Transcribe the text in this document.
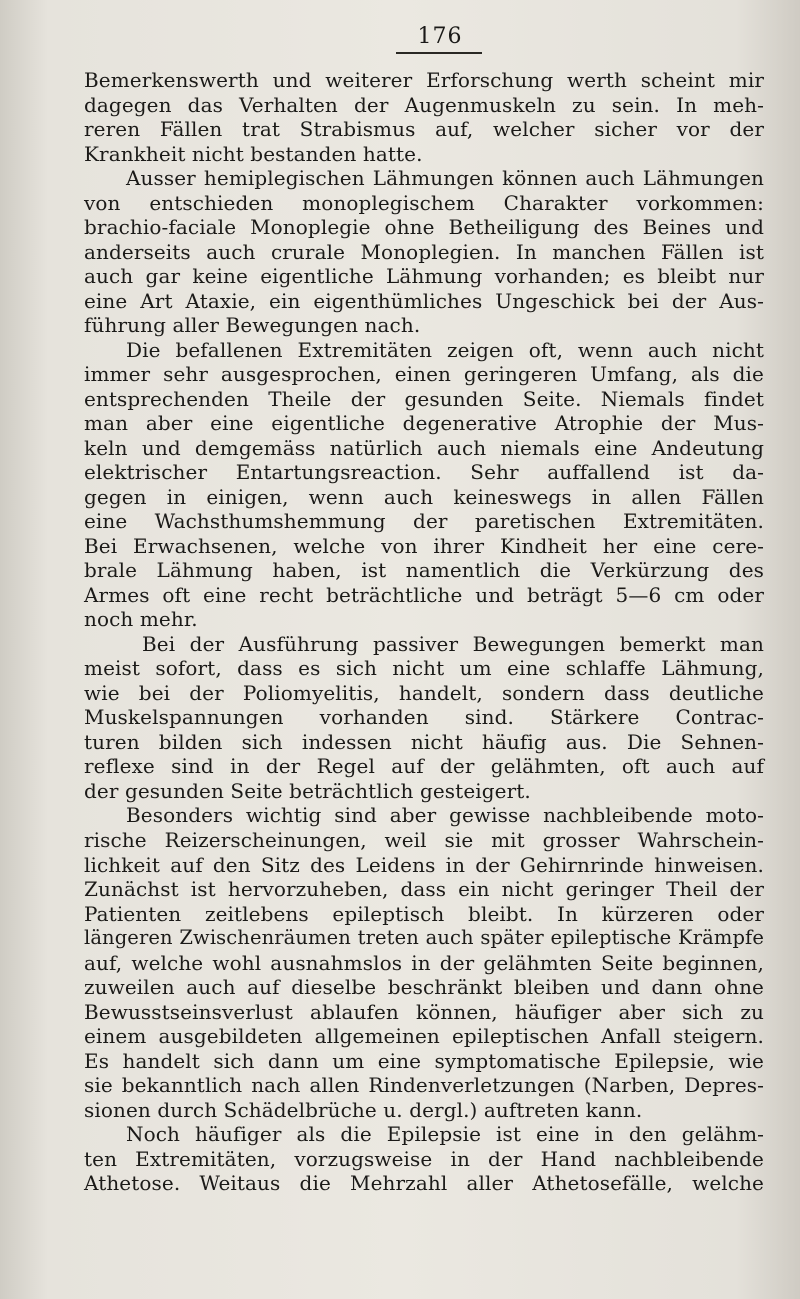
176
Bemerkenswerth und weiterer Erforschung werth scheint mir
dagegen das Verhalten der Augenmuskeln zu sein. In meh-
reren Fällen trat Strabismus auf, welcher sicher vor der
Krankheit nicht bestanden hatte.
Ausser hemiplegischen Lähmungen können auch Lähmungen
von entschieden monoplegischem Charakter vorkommen:
brachio-faciale Monoplegie ohne Betheiligung des Beines und
anderseits auch crurale Monoplegien. In manchen Fällen ist
auch gar keine eigentliche Lähmung vorhanden; es bleibt nur
eine Art Ataxie, ein eigenthümliches Ungeschick bei der Aus-
führung aller Bewegungen nach.
Die befallenen Extremitäten zeigen oft, wenn auch nicht
immer sehr ausgesprochen, einen geringeren Umfang, als die
entsprechenden Theile der gesunden Seite. Niemals findet
man aber eine eigentliche degenerative Atrophie der Mus-
keln und demgemäss natürlich auch niemals eine Andeutung
elektrischer Entartungsreaction. Sehr auffallend ist da-
gegen in einigen, wenn auch keineswegs in allen Fällen
eine Wachsthumshemmung der paretischen Extremitäten.
Bei Erwachsenen, welche von ihrer Kindheit her eine cere-
brale Lähmung haben, ist namentlich die Verkürzung des
Armes oft eine recht beträchtliche und beträgt 5—6 cm oder
noch mehr.
Bei der Ausführung passiver Bewegungen bemerkt man
meist sofort, dass es sich nicht um eine schlaffe Lähmung,
wie bei der Poliomyelitis, handelt, sondern dass deutliche
Muskelspannungen vorhanden sind. Stärkere Contrac-
turen bilden sich indessen nicht häufig aus. Die Sehnen-
reflexe sind in der Regel auf der gelähmten, oft auch auf
der gesunden Seite beträchtlich gesteigert.
Besonders wichtig sind aber gewisse nachbleibende moto-
rische Reizerscheinungen, weil sie mit grosser Wahrschein-
lichkeit auf den Sitz des Leidens in der Gehirnrinde hinweisen.
Zunächst ist hervorzuheben, dass ein nicht geringer Theil der
Patienten zeitlebens epileptisch bleibt. In kürzeren oder
längeren Zwischenräumen treten auch später epileptische Krämpfe
auf, welche wohl ausnahmslos in der gelähmten Seite beginnen,
zuweilen auch auf dieselbe beschränkt bleiben und dann ohne
Bewusstseinsverlust ablaufen können, häufiger aber sich zu
einem ausgebildeten allgemeinen epileptischen Anfall steigern.
Es handelt sich dann um eine symptomatische Epilepsie, wie
sie bekanntlich nach allen Rindenverletzungen (Narben, Depres-
sionen durch Schädelbrüche u. dergl.) auftreten kann.
Noch häufiger als die Epilepsie ist eine in den gelähm-
ten Extremitäten, vorzugsweise in der Hand nachbleibende
Athetose. Weitaus die Mehrzahl aller Athetosefälle, welche
